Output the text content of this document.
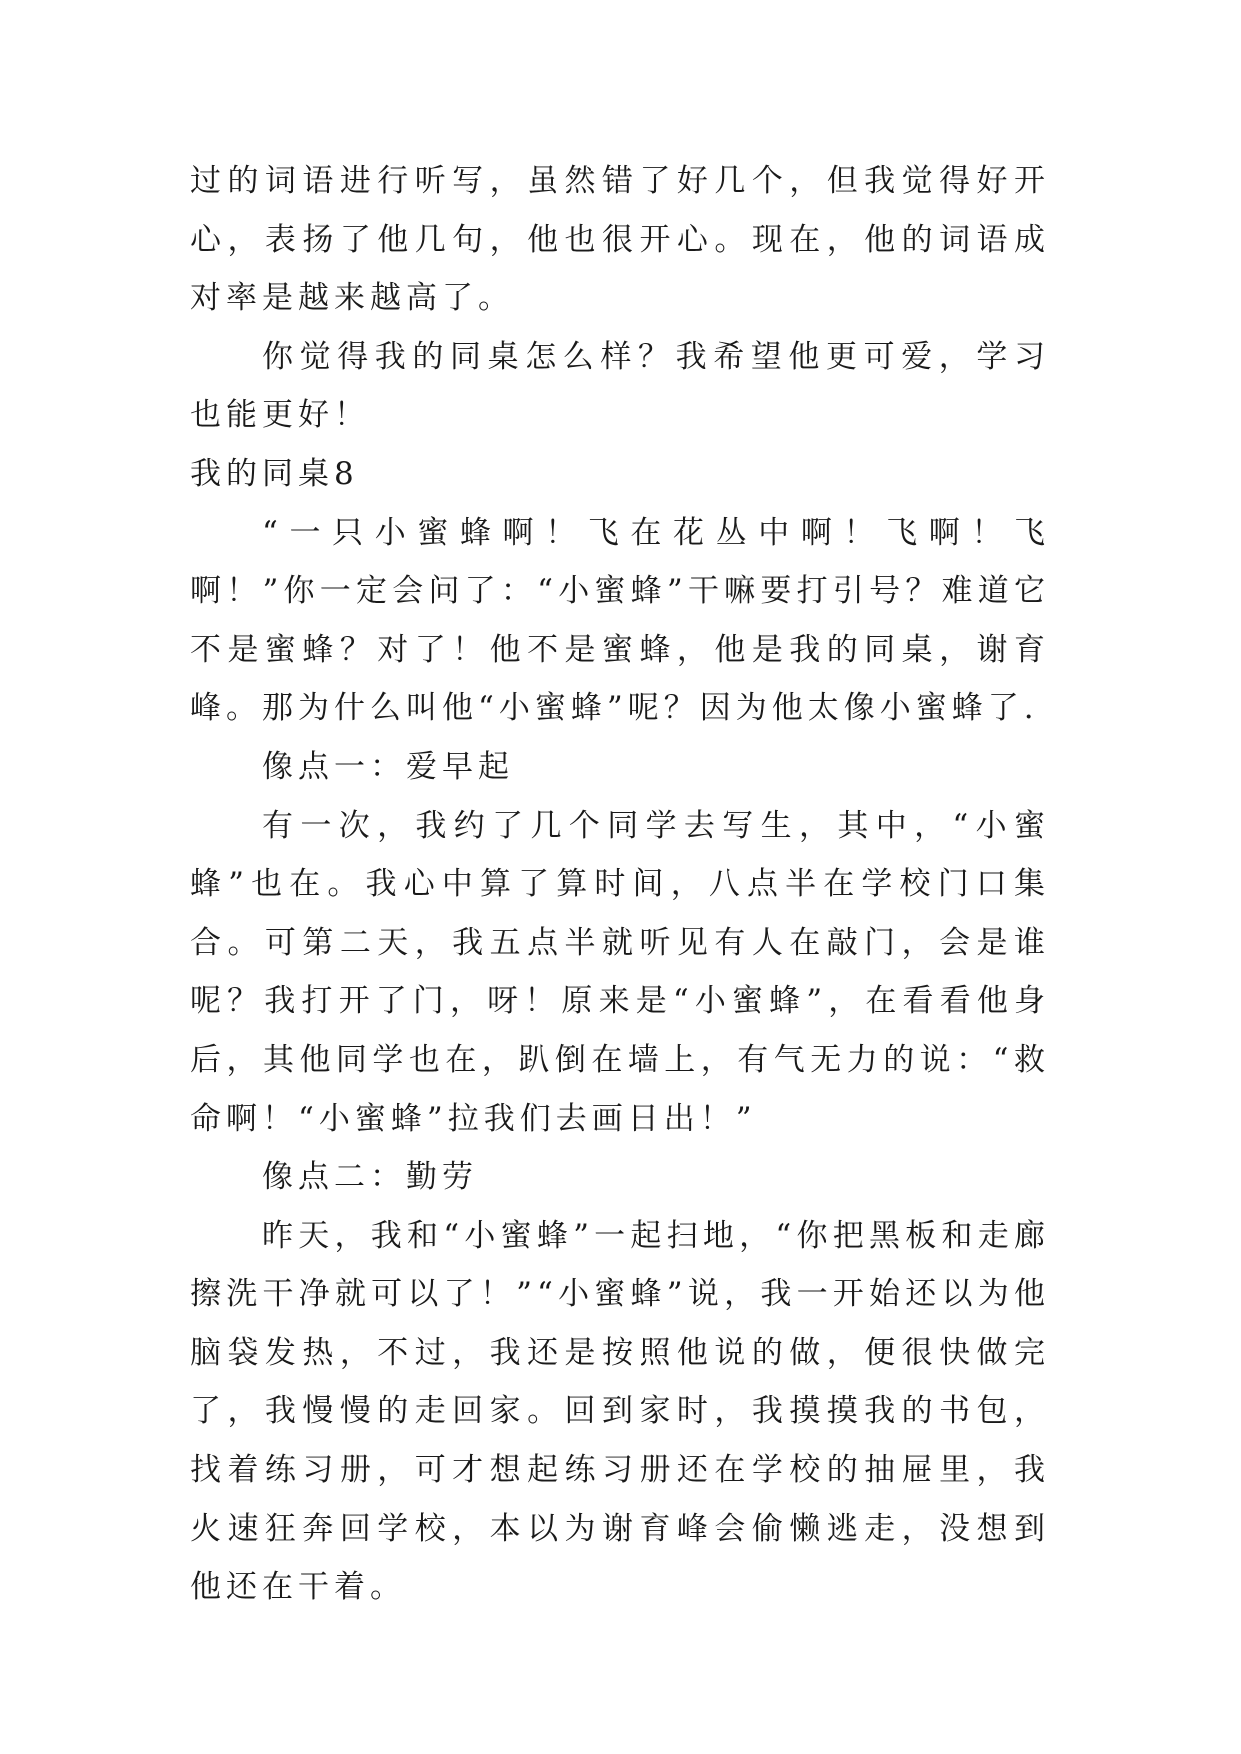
过的词语进行听写，虽然错了好几个，但我觉得好开心，表扬了他几句，他也很开心。现在，他的词语成对率是越来越高了。

你觉得我的同桌怎么样？我希望他更可爱，学习也能更好！

我的同桌8

“一只小蜜蜂啊！飞在花丛中啊！飞啊！飞啊！”你一定会问了：“小蜜蜂”干嘛要打引号？难道它不是蜜蜂？对了！他不是蜜蜂，他是我的同桌，谢育峰。那为什么叫他“小蜜蜂”呢？因为他太像小蜜蜂了.

像点一：爱早起

有一次，我约了几个同学去写生，其中，“小蜜蜂”也在。我心中算了算时间，八点半在学校门口集合。可第二天，我五点半就听见有人在敲门，会是谁呢？我打开了门，呀！原来是“小蜜蜂”，在看看他身后，其他同学也在，趴倒在墙上，有气无力的说：“救命啊！“小蜜蜂”拉我们去画日出！”

像点二：勤劳

昨天，我和“小蜜蜂”一起扫地，“你把黑板和走廊擦洗干净就可以了！”“小蜜蜂”说，我一开始还以为他脑袋发热，不过，我还是按照他说的做，便很快做完了，我慢慢的走回家。回到家时，我摸摸我的书包，找着练习册，可才想起练习册还在学校的抽屉里，我火速狂奔回学校，本以为谢育峰会偷懒逃走，没想到他还在干着。
